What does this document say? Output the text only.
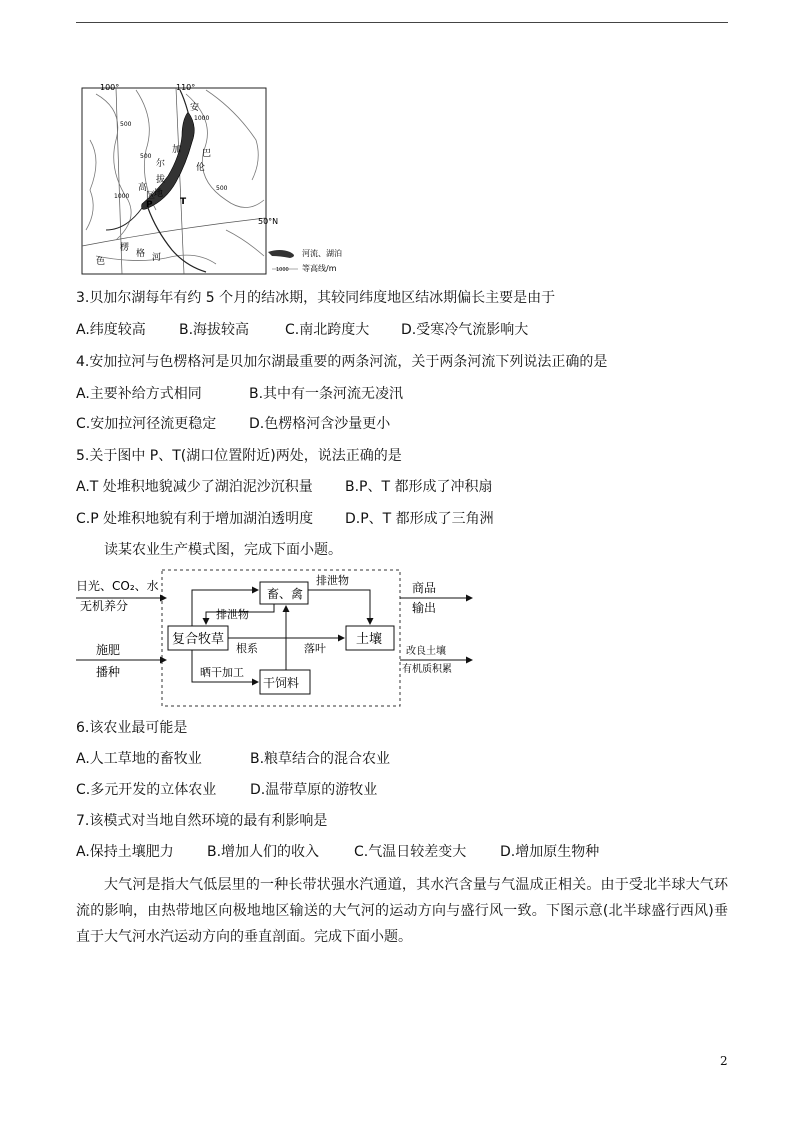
100°	110°
50°N
500
1000
500
1000
500
P	T
尔
拔
地
加 巴
高
区
伦
色
楞
格 河
安
河流、湖泊
1000 等高线/m
3.贝加尔湖每年有约 5 个月的结冰期，其较同纬度地区结冰期偏长主要是由于
A.纬度较高 B.海拔较高	C.南北跨度大 D.受寒冷气流影响大
4.安加拉河与色楞格河是贝加尔湖最重要的两条河流，关于两条河流下列说法正确的是
A.主要补给方式相同	B.其中有一条河流无凌汛
C.安加拉河径流更稳定 D.色楞格河含沙量更小
5.关于图中 P、T(湖口位置附近)两处，说法正确的是
A.T 处堆积地貌减少了湖泊泥沙沉积量 B.P、T 都形成了冲积扇
C.P 处堆积地貌有利于增加湖泊透明度 D.P、T 都形成了三角洲
读某农业生产模式图，完成下面小题。
畜、禽
复合牧草	土壤
干饲料
日光、CO₂、水
无机养分
施肥
播种
排泄物
排泄物
根系	落叶
晒干加工
商品
输出
改良土壤
有机质积累
6.该农业最可能是
A.人工草地的畜牧业	B.粮草结合的混合农业
C.多元开发的立体农业 D.温带草原的游牧业
7.该模式对当地自然环境的最有利影响是
A.保持土壤肥力 B.增加人们的收入 C.气温日较差变大 D.增加原生物种
大气河是指大气低层里的一种长带状强水汽通道，其水汽含量与气温成正相关。由于受北半球大气环流的影响，由热带地区向极地地区输送的大气河的运动方向与盛行风一致。下图示意(北半球盛行西风)垂直于大气河水汽运动方向的垂直剖面。完成下面小题。
2
